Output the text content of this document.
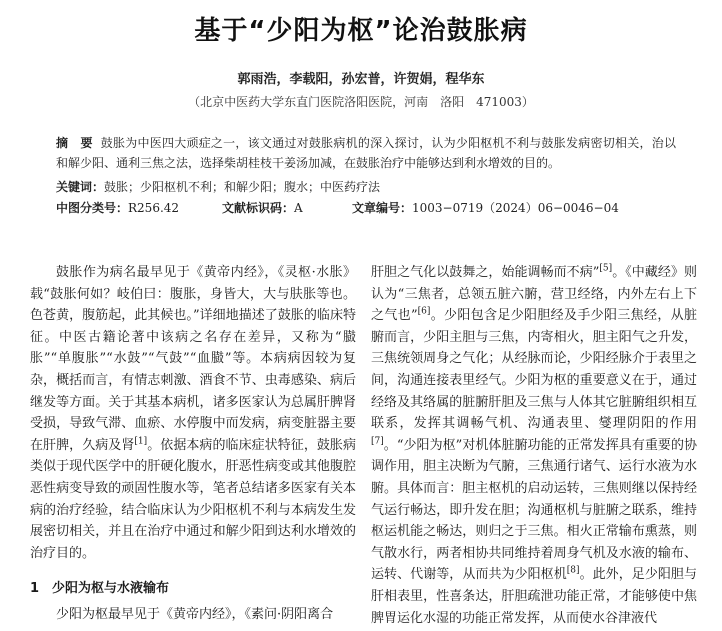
基于“少阳为枢”论治鼓胀病
郭雨浩，李载阳，孙宏普，许贺娟，程华东
（北京中医药大学东直门医院洛阳医院，河南　洛阳　471003）
摘　要 鼓胀为中医四大顽症之一，该文通过对鼓胀病机的深入探讨，认为少阳枢机不利与鼓胀发病密切相关，治以和解少阳、通利三焦之法，选择柴胡桂枝干姜汤加减，在鼓胀治疗中能够达到利水增效的目的。
关键词：鼓胀；少阳枢机不利；和解少阳；腹水；中医药疗法
中图分类号：R256.42	文献标识码：A	文章编号：1003−0719（2024）06−0046−04

鼓胀作为病名最早见于《黄帝内经》，《灵枢·水胀》载“鼓胀何如？岐伯曰：腹胀，身皆大，大与肤胀等也。色苍黄，腹筋起，此其候也。”详细地描述了鼓胀的临床特征。中医古籍论著中该病之名存在差异，又称为“臌胀”“单腹胀”“水鼓”“气鼓”“血臌”等。本病病因较为复杂，概括而言，有情志刺激、酒食不节、虫毒感染、病后继发等方面。关于其基本病机，诸多医家认为总属肝脾肾受损，导致气滞、血瘀、水停腹中而发病，病变脏器主要在肝脾，久病及肾[1]。依据本病的临床症状特征，鼓胀病类似于现代医学中的肝硬化腹水，肝恶性病变或其他腹腔恶性病变导致的顽固性腹水等，笔者总结诸多医家有关本病的治疗经验，结合临床认为少阳枢机不利与本病发生发展密切相关，并且在治疗中通过和解少阳到达利水增效的治疗目的。

1　少阳为枢与水液输布

少阳为枢最早见于《黄帝内经》，《素问·阴阳离合

肝胆之气化以鼓舞之，始能调畅而不病”[5]。《中藏经》则认为“三焦者，总领五脏六腑，营卫经络，内外左右上下之气也”[6]。少阳包含足少阳胆经及手少阳三焦经，从脏腑而言，少阳主胆与三焦，内寄相火，胆主阳气之升发，三焦统领周身之气化；从经脉而论，少阳经脉介于表里之间，沟通连接表里经气。少阳为枢的重要意义在于，通过经络及其络属的脏腑肝胆及三焦与人体其它脏腑组织相互联系，发挥其调畅气机、沟通表里、燮理阴阳的作用[7]。“少阳为枢”对机体脏腑功能的正常发挥具有重要的协调作用，胆主决断为气腑，三焦通行诸气、运行水液为水腑。具体而言：胆主枢机的启动运转，三焦则继以保持经气运行畅达，即升发在胆；沟通枢机与脏腑之联系，维持枢运机能之畅达，则归之于三焦。相火正常输布熏蒸，则气散水行，两者相协共同维持着周身气机及水液的输布、运转、代谢等，从而共为少阳枢机[8]。此外，足少阳胆与肝相表里，性喜条达，肝胆疏泄功能正常，才能够使中焦脾胃运化水湿的功能正常发挥，从而使水谷津液代
